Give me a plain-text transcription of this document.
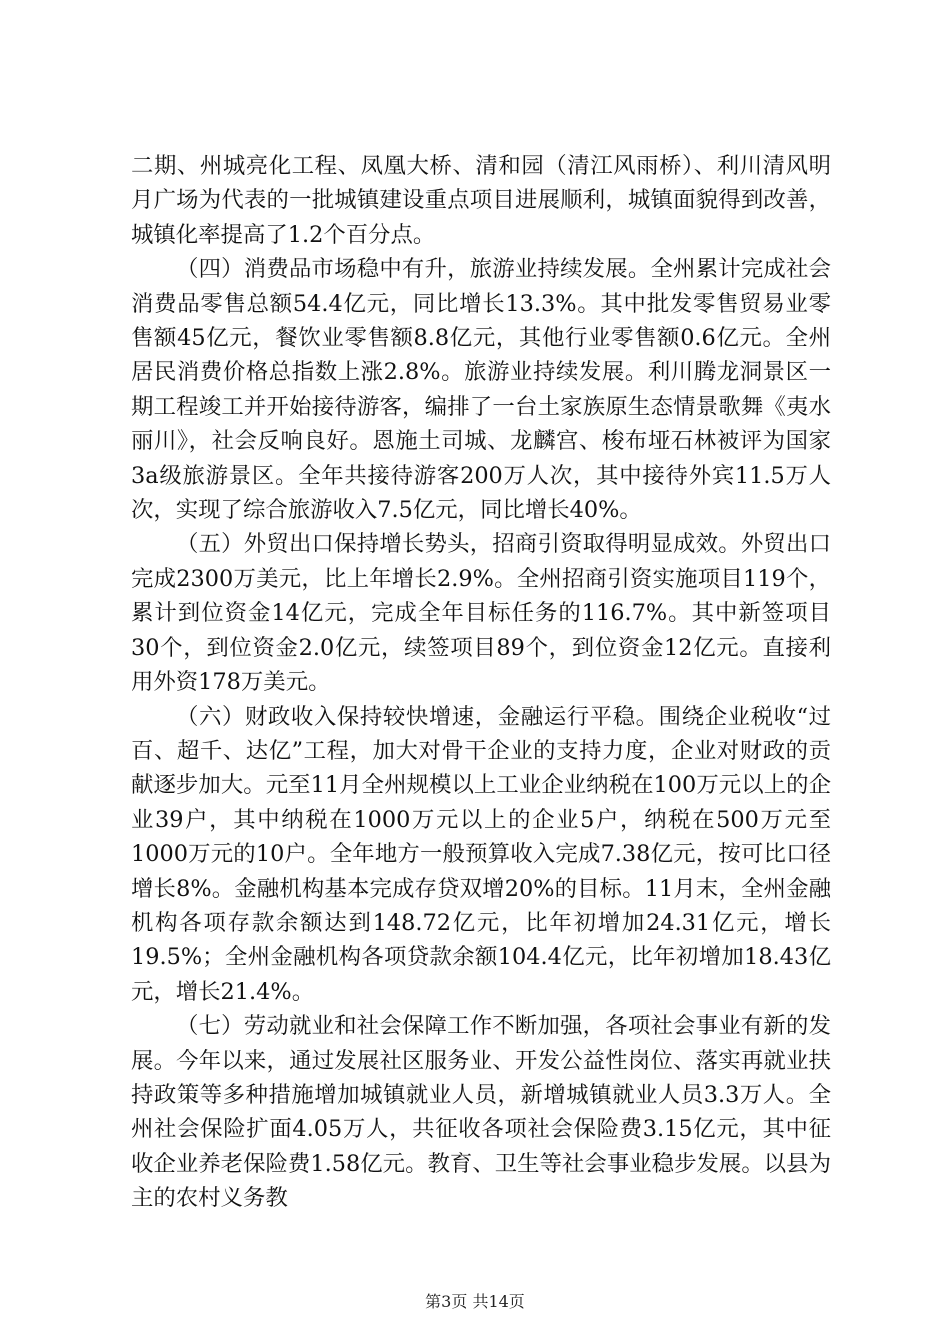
二期、州城亮化工程、凤凰大桥、清和园（清江风雨桥）、利川清风明月广场为代表的一批城镇建设重点项目进展顺利，城镇面貌得到改善，城镇化率提高了1.2个百分点。

（四）消费品市场稳中有升，旅游业持续发展。全州累计完成社会消费品零售总额54.4亿元，同比增长13.3%。其中批发零售贸易业零售额45亿元，餐饮业零售额8.8亿元，其他行业零售额0.6亿元。全州居民消费价格总指数上涨2.8%。旅游业持续发展。利川腾龙洞景区一期工程竣工并开始接待游客，编排了一台土家族原生态情景歌舞《夷水丽川》，社会反响良好。恩施土司城、龙麟宫、梭布垭石林被评为国家3a级旅游景区。全年共接待游客200万人次，其中接待外宾11.5万人次，实现了综合旅游收入7.5亿元，同比增长40%。

（五）外贸出口保持增长势头，招商引资取得明显成效。外贸出口完成2300万美元，比上年增长2.9%。全州招商引资实施项目119个，累计到位资金14亿元，完成全年目标任务的116.7%。其中新签项目30个，到位资金2.0亿元，续签项目89个，到位资金12亿元。直接利用外资178万美元。

（六）财政收入保持较快增速，金融运行平稳。围绕企业税收“过百、超千、达亿”工程，加大对骨干企业的支持力度，企业对财政的贡献逐步加大。元至11月全州规模以上工业企业纳税在100万元以上的企业39户，其中纳税在1000万元以上的企业5户，纳税在500万元至1000万元的10户。全年地方一般预算收入完成7.38亿元，按可比口径增长8%。金融机构基本完成存贷双增20%的目标。11月末，全州金融机构各项存款余额达到148.72亿元，比年初增加24.31亿元，增长19.5%；全州金融机构各项贷款余额104.4亿元，比年初增加18.43亿元，增长21.4%。

（七）劳动就业和社会保障工作不断加强，各项社会事业有新的发展。今年以来，通过发展社区服务业、开发公益性岗位、落实再就业扶持政策等多种措施增加城镇就业人员，新增城镇就业人员3.3万人。全州社会保险扩面4.05万人，共征收各项社会保险费3.15亿元，其中征收企业养老保险费1.58亿元。教育、卫生等社会事业稳步发展。以县为主的农村义务教

第3页 共14页
